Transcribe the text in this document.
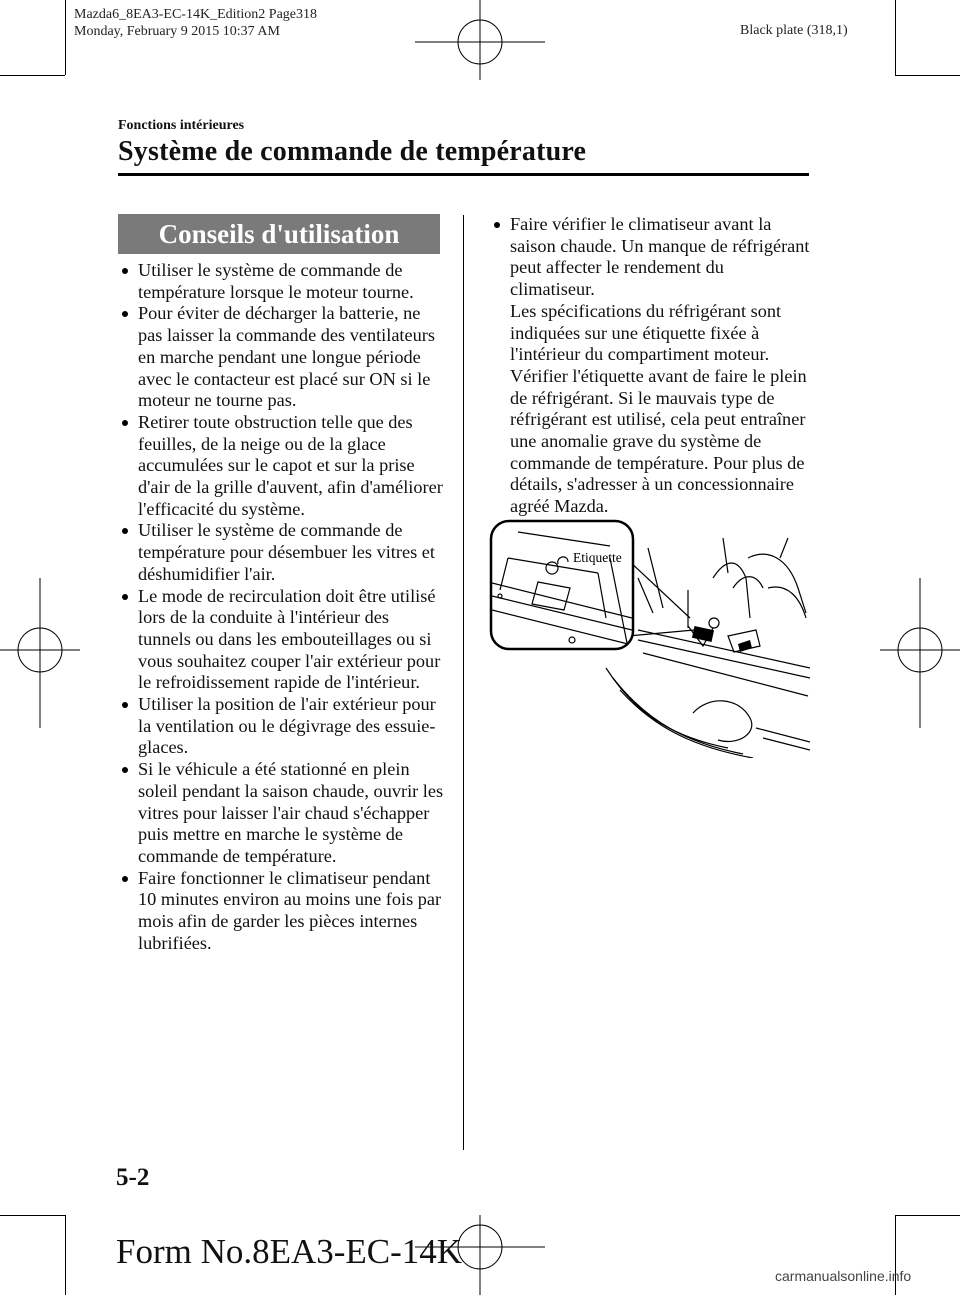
Mazda6_8EA3-EC-14K_Edition2 Page318
Monday, February 9 2015 10:37 AM	Black plate (318,1)
Fonctions intérieures
Système de commande de température
Conseils d'utilisation
Utiliser le système de commande de température lorsque le moteur tourne.
Pour éviter de décharger la batterie, ne pas laisser la commande des ventilateurs en marche pendant une longue période avec le contacteur est placé sur ON si le moteur ne tourne pas.
Retirer toute obstruction telle que des feuilles, de la neige ou de la glace accumulées sur le capot et sur la prise d'air de la grille d'auvent, afin d'améliorer l'efficacité du système.
Utiliser le système de commande de température pour désembuer les vitres et déshumidifier l'air.
Le mode de recirculation doit être utilisé lors de la conduite à l'intérieur des tunnels ou dans les embouteillages ou si vous souhaitez couper l'air extérieur pour le refroidissement rapide de l'intérieur.
Utiliser la position de l'air extérieur pour la ventilation ou le dégivrage des essuie-glaces.
Si le véhicule a été stationné en plein soleil pendant la saison chaude, ouvrir les vitres pour laisser l'air chaud s'échapper puis mettre en marche le système de commande de température.
Faire fonctionner le climatiseur pendant 10 minutes environ au moins une fois par mois afin de garder les pièces internes lubrifiées.
Faire vérifier le climatiseur avant la saison chaude. Un manque de réfrigérant peut affecter le rendement du climatiseur.
Les spécifications du réfrigérant sont indiquées sur une étiquette fixée à l'intérieur du compartiment moteur. Vérifier l'étiquette avant de faire le plein de réfrigérant. Si le mauvais type de réfrigérant est utilisé, cela peut entraîner une anomalie grave du système de commande de température. Pour plus de détails, s'adresser à un concessionnaire agréé Mazda.
Etiquette
5-2
Form No.8EA3-EC-14K
carmanualsonline.info
